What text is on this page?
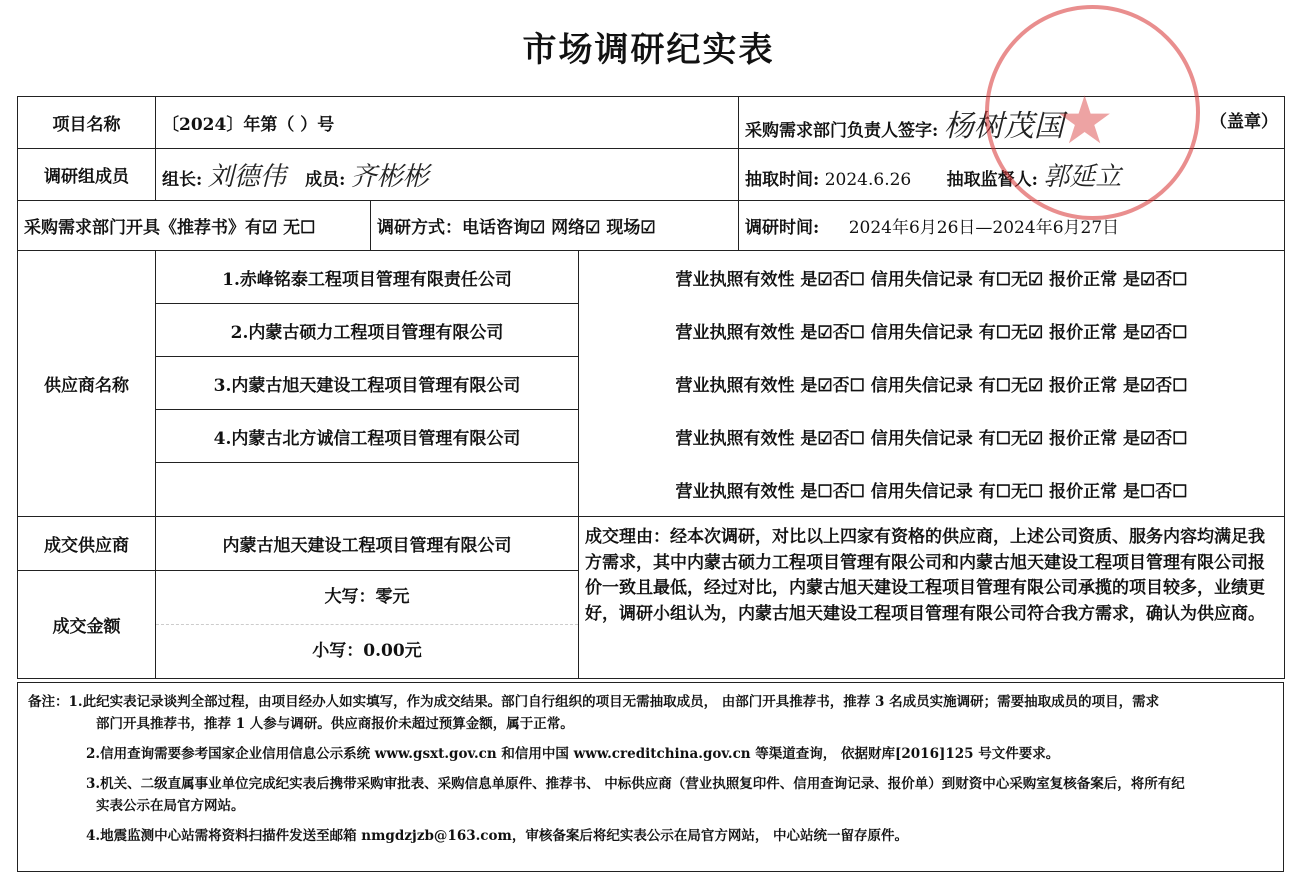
市场调研纪实表
项目名称	〔2024〕年第（ ）号			采购需求部门负责人签字: 杨树茂国 （盖章）

调研组成员	组长: 刘德伟 成员: 齐彬彬			抽取时间: 2024.6.26 抽取监督人: 郭延立
采购需求部门开具《推荐书》有☑ 无☐		调研方式：电话咨询☑ 网络☑ 现场☑		调研时间: 2024年6月26日—2024年6月27日
供应商名称	1.赤峰铭泰工程项目管理有限责任公司		营业执照有效性 是☑否☐ 信用失信记录 有☐无☑ 报价正常 是☑否☐	
	2.内蒙古硕力工程项目管理有限公司		营业执照有效性 是☑否☐ 信用失信记录 有☐无☑ 报价正常 是☑否☐	
	3.内蒙古旭天建设工程项目管理有限公司		营业执照有效性 是☑否☐ 信用失信记录 有☐无☑ 报价正常 是☑否☐	
	4.内蒙古北方诚信工程项目管理有限公司		营业执照有效性 是☑否☐ 信用失信记录 有☐无☑ 报价正常 是☑否☐	
			营业执照有效性 是☐否☐ 信用失信记录 有☐无☐ 报价正常 是☐否☐	
成交供应商	内蒙古旭天建设工程项目管理有限公司		成交理由：经本次调研，对比以上四家有资格的供应商，上述公司资质、服务内容均满足我方需求，其中内蒙古硕力工程项目管理有限公司和内蒙古旭天建设工程项目管理有限公司报价一致且最低，经过对比，内蒙古旭天建设工程项目管理有限公司承揽的项目较多，业绩更好，调研小组认为，内蒙古旭天建设工程项目管理有限公司符合我方需求，确认为供应商。	
成交金额	大写：零元
小写：0.00元			

备注：1.此纪实表记录谈判全部过程，由项目经办人如实填写，作为成交结果。部门自行组织的项目无需抽取成员， 由部门开具推荐书，推荐 3 名成员实施调研；需要抽取成员的项目，需求

部门开具推荐书，推荐 1 人参与调研。供应商报价未超过预算金额，属于正常。

2.信用查询需要参考国家企业信用信息公示系统 www.gsxt.gov.cn 和信用中国 www.creditchina.gov.cn 等渠道查询， 依据财库[2016]125 号文件要求。

3.机关、二级直属事业单位完成纪实表后携带采购审批表、采购信息单原件、推荐书、 中标供应商（营业执照复印件、信用查询记录、报价单）到财资中心采购室复核备案后，将所有纪

实表公示在局官方网站。

4.地震监测中心站需将资料扫描件发送至邮箱 nmgdzjzb@163.com，审核备案后将纪实表公示在局官方网站， 中心站统一留存原件。

★
